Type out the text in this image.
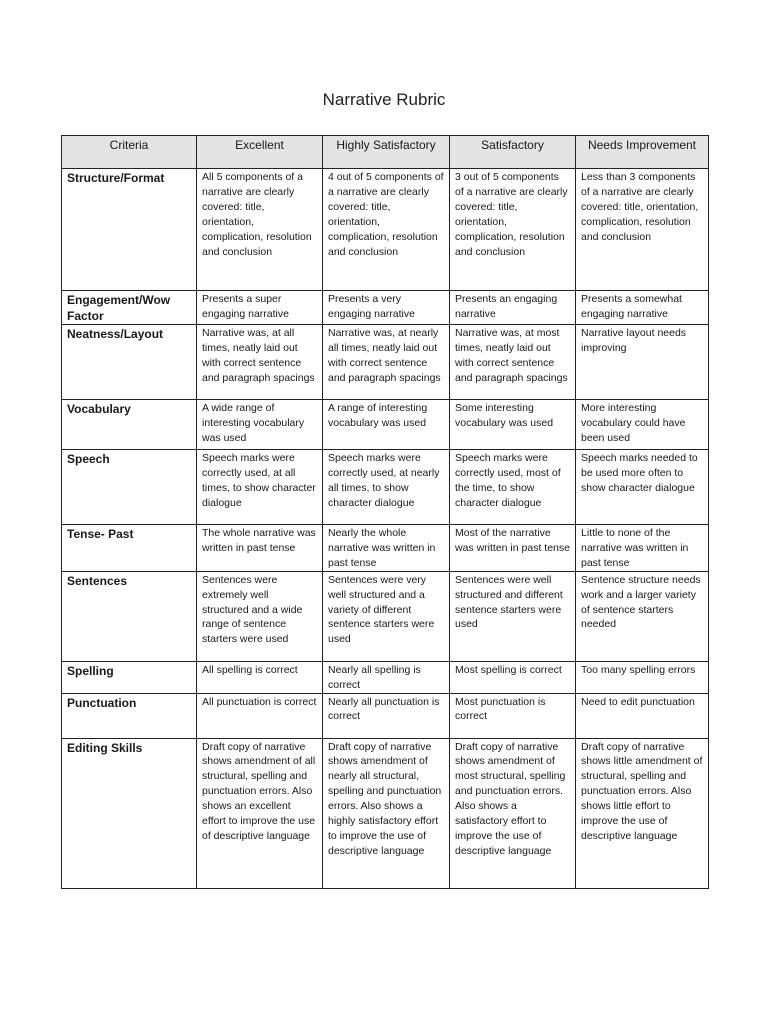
Narrative Rubric
Criteria	Excellent	Highly Satisfactory	Satisfactory	Needs Improvement
Structure/Format	All 5 components of a narrative are clearly covered: title, orientation, complication, resolution and conclusion	4 out of 5 components of a narrative are clearly covered: title, orientation, complication, resolution and conclusion	3 out of 5 components of a narrative are clearly covered: title, orientation, complication, resolution and conclusion	Less than 3 components of a narrative are clearly covered: title, orientation, complication, resolution and conclusion
Engagement/Wow Factor	Presents a super engaging narrative	Presents a very engaging narrative	Presents an engaging narrative	Presents a somewhat engaging narrative
Neatness/Layout	Narrative was, at all times, neatly laid out with correct sentence and paragraph spacings	Narrative was, at nearly all times, neatly laid out with correct sentence and paragraph spacings	Narrative was, at most times, neatly laid out with correct sentence and paragraph spacings	Narrative layout needs improving
Vocabulary	A wide range of interesting vocabulary was used	A range of interesting vocabulary was used	Some interesting vocabulary was used	More interesting vocabulary could have been used
Speech	Speech marks were correctly used, at all times, to show character dialogue	Speech marks were correctly used, at nearly all times, to show character dialogue	Speech marks were correctly used, most of the time, to show character dialogue	Speech marks needed to be used more often to show character dialogue
Tense- Past	The whole narrative was written in past tense	Nearly the whole narrative was written in past tense	Most of the narrative was written in past tense	Little to none of the narrative was written in past tense
Sentences	Sentences were extremely well structured and a wide range of sentence starters were used	Sentences were very well structured and a variety of different sentence starters were used	Sentences were well structured and different sentence starters were used	Sentence structure needs work and a larger variety of sentence starters needed
Spelling	All spelling is correct	Nearly all spelling is correct	Most spelling is correct	Too many spelling errors
Punctuation	All punctuation is correct	Nearly all punctuation is correct	Most punctuation is correct	Need to edit punctuation
Editing Skills	Draft copy of narrative shows amendment of all structural, spelling and punctuation errors. Also shows an excellent effort to improve the use of descriptive language	Draft copy of narrative shows amendment of nearly all structural, spelling and punctuation errors. Also shows a highly satisfactory effort to improve the use of descriptive language	Draft copy of narrative shows amendment of most structural, spelling and punctuation errors. Also shows a satisfactory effort to improve the use of descriptive language	Draft copy of narrative shows little amendment of structural, spelling and punctuation errors. Also shows little effort to improve the use of descriptive language
